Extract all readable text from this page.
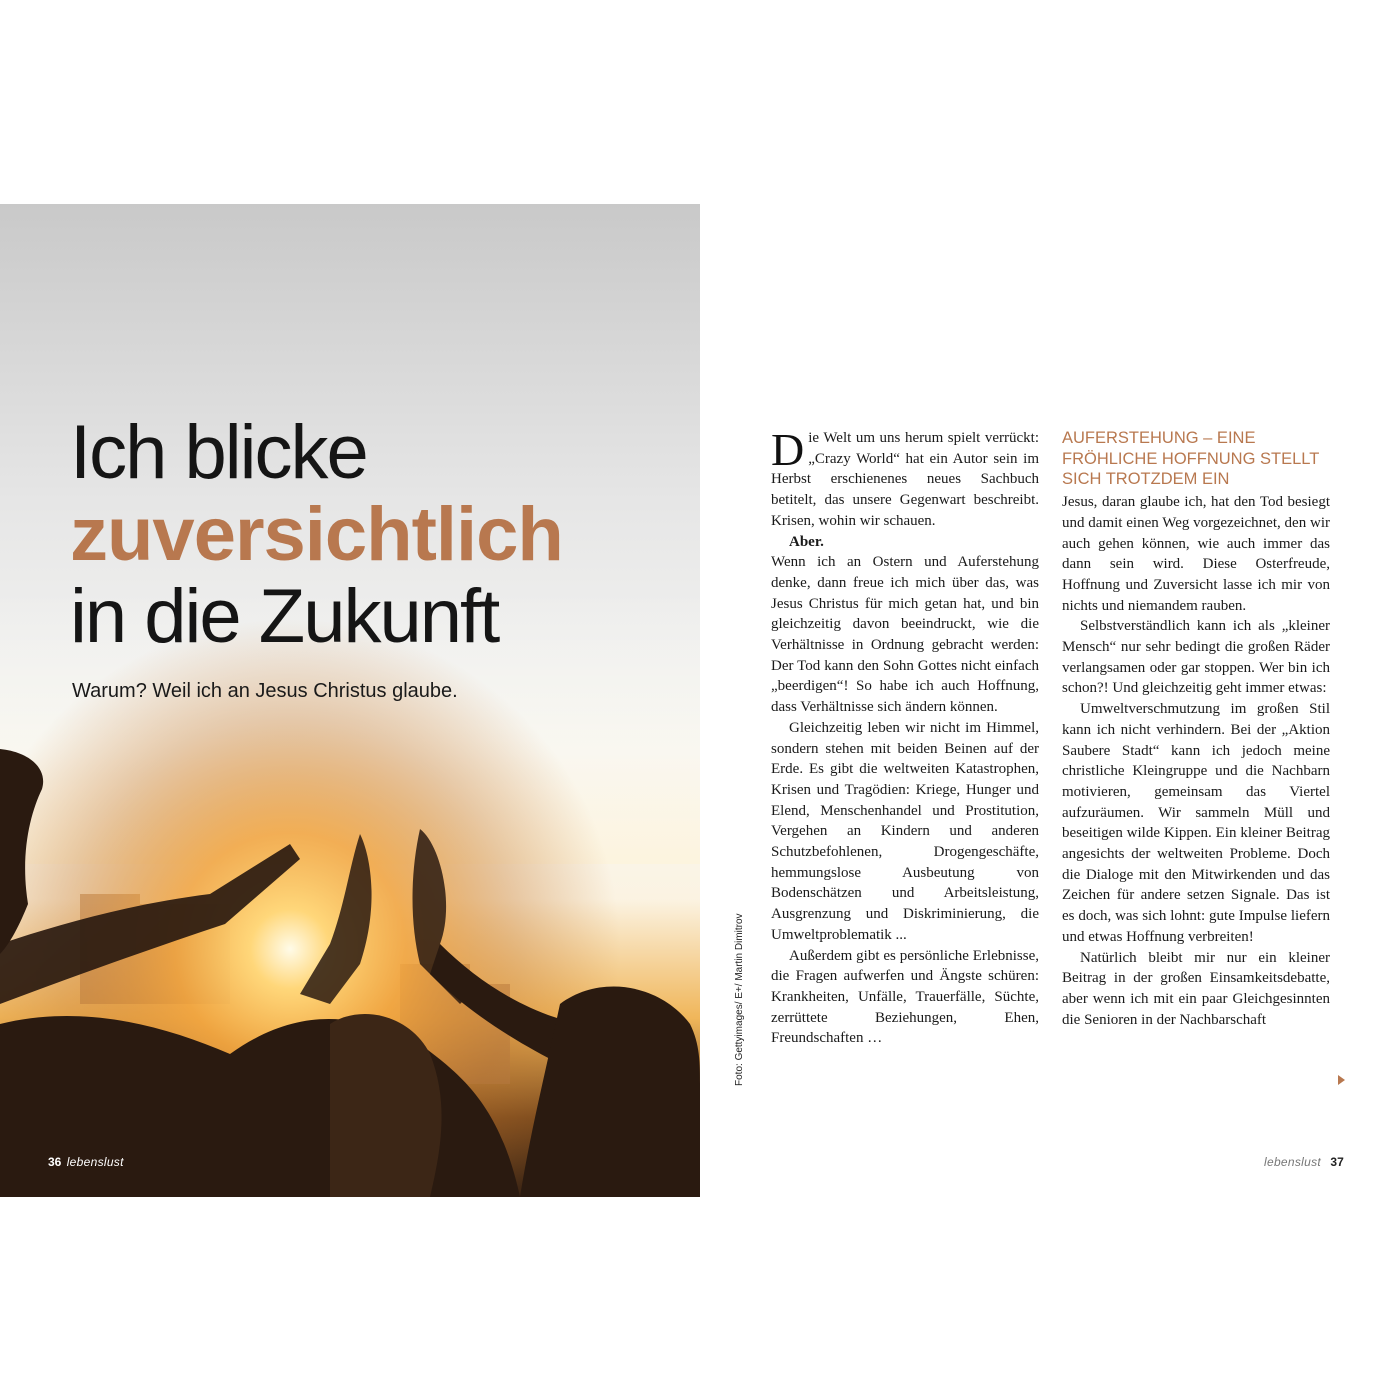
Ich blicke
zuversichtlich
in die Zukunft

Warum? Weil ich an Jesus Christus glaube.

36 lebenslust
Foto: Gettyimages/ E+/ Martin Dimitrov

Die Welt um uns herum spielt verrückt: „Crazy World“ hat ein Autor sein im Herbst erschienenes neues Sachbuch betitelt, das unsere Gegenwart beschreibt. Krisen, wohin wir schauen.

Aber.

Wenn ich an Ostern und Auferstehung denke, dann freue ich mich über das, was Jesus Christus für mich getan hat, und bin gleichzeitig davon beeindruckt, wie die Verhältnisse in Ordnung gebracht werden: Der Tod kann den Sohn Gottes nicht einfach „beerdigen“! So habe ich auch Hoffnung, dass Verhältnisse sich ändern können.

Gleichzeitig leben wir nicht im Himmel, sondern stehen mit beiden Beinen auf der Erde. Es gibt die weltweiten Katastrophen, Krisen und Tragödien: Kriege, Hunger und Elend, Menschenhandel und Prostitution, Vergehen an Kindern und anderen Schutzbefohlenen, Drogengeschäfte, hemmungslose Ausbeutung von Bodenschätzen und Arbeitsleistung, Ausgrenzung und Diskriminierung, die Umweltproblematik ...

Außerdem gibt es persönliche Erlebnisse, die Fragen aufwerfen und Ängste schüren: Krankheiten, Unfälle, Trauerfälle, Süchte, zerrüttete Beziehungen, Ehen, Freundschaften …

AUFERSTEHUNG – EINE FRÖHLICHE HOFFNUNG STELLT SICH TROTZDEM EIN

Jesus, daran glaube ich, hat den Tod besiegt und damit einen Weg vorgezeichnet, den wir auch gehen können, wie auch immer das dann sein wird. Diese Osterfreude, Hoffnung und Zuversicht lasse ich mir von nichts und niemandem rauben.

Selbstverständlich kann ich als „kleiner Mensch“ nur sehr bedingt die großen Räder verlangsamen oder gar stoppen. Wer bin ich schon?! Und gleichzeitig geht immer etwas:

Umweltverschmutzung im großen Stil kann ich nicht verhindern. Bei der „Aktion Saubere Stadt“ kann ich jedoch meine christliche Kleingruppe und die Nachbarn motivieren, gemeinsam das Viertel aufzuräumen. Wir sammeln Müll und beseitigen wilde Kippen. Ein kleiner Beitrag angesichts der weltweiten Probleme. Doch die Dialoge mit den Mitwirkenden und das Zeichen für andere setzen Signale. Das ist es doch, was sich lohnt: gute Impulse liefern und etwas Hoffnung verbreiten!

Natürlich bleibt mir nur ein kleiner Beitrag in der großen Einsamkeitsdebatte, aber wenn ich mit ein paar Gleichgesinnten die Senioren in der Nachbarschaft

lebenslust 37
